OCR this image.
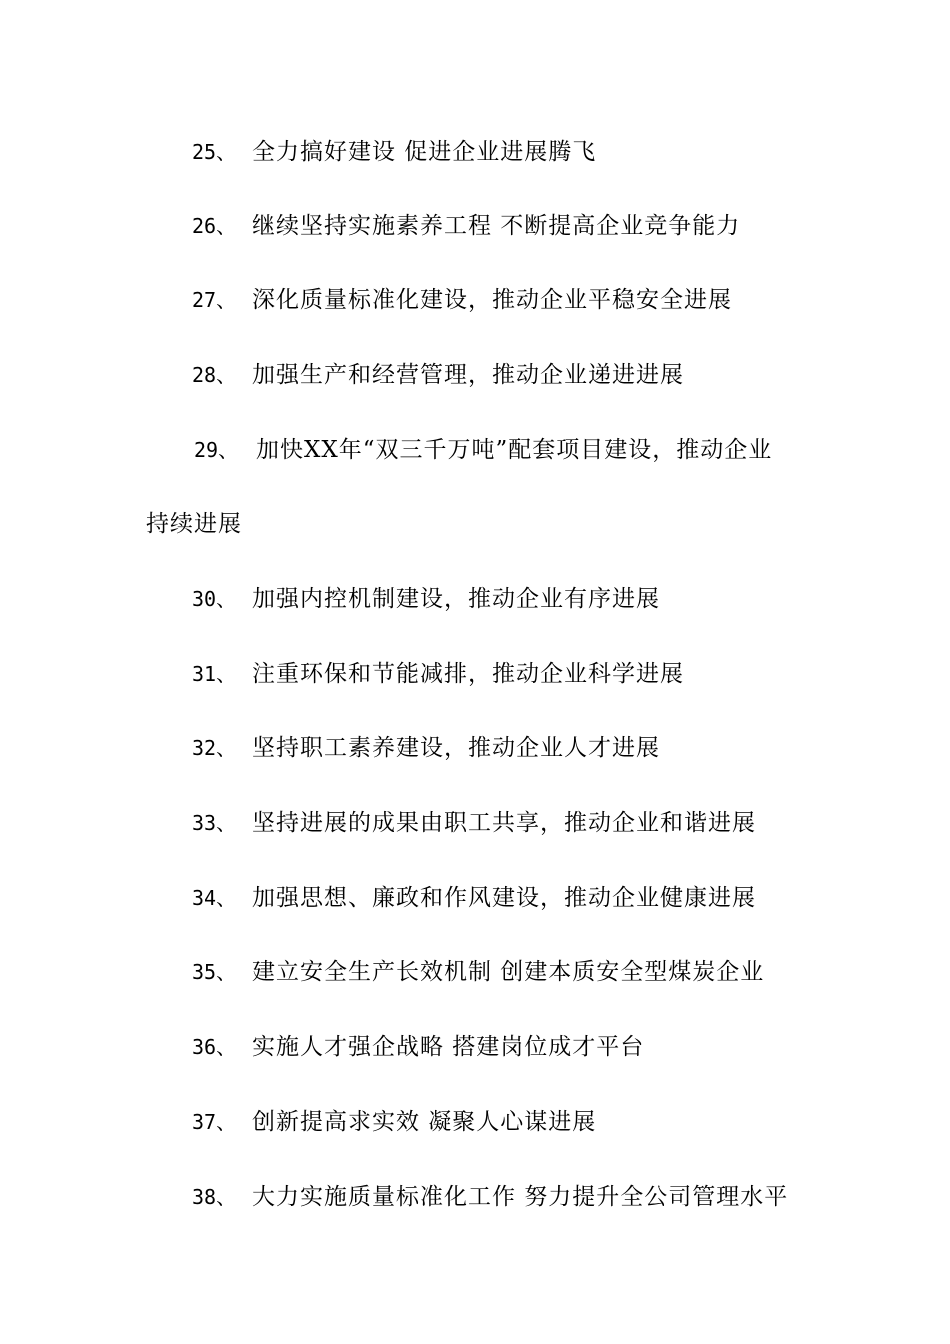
25、 全力搞好建设 促进企业进展腾飞
26、 继续坚持实施素养工程 不断提高企业竞争能力
27、 深化质量标准化建设，推动企业平稳安全进展
28、 加强生产和经营管理，推动企业递进进展
29、 加快XX年“双三千万吨”配套项目建设，推动企业
持续进展
30、 加强内控机制建设，推动企业有序进展
31、 注重环保和节能减排，推动企业科学进展
32、 坚持职工素养建设，推动企业人才进展
33、 坚持进展的成果由职工共享，推动企业和谐进展
34、 加强思想、廉政和作风建设，推动企业健康进展
35、 建立安全生产长效机制 创建本质安全型煤炭企业
36、 实施人才强企战略 搭建岗位成才平台
37、 创新提高求实效 凝聚人心谋进展
38、 大力实施质量标准化工作 努力提升全公司管理水平
